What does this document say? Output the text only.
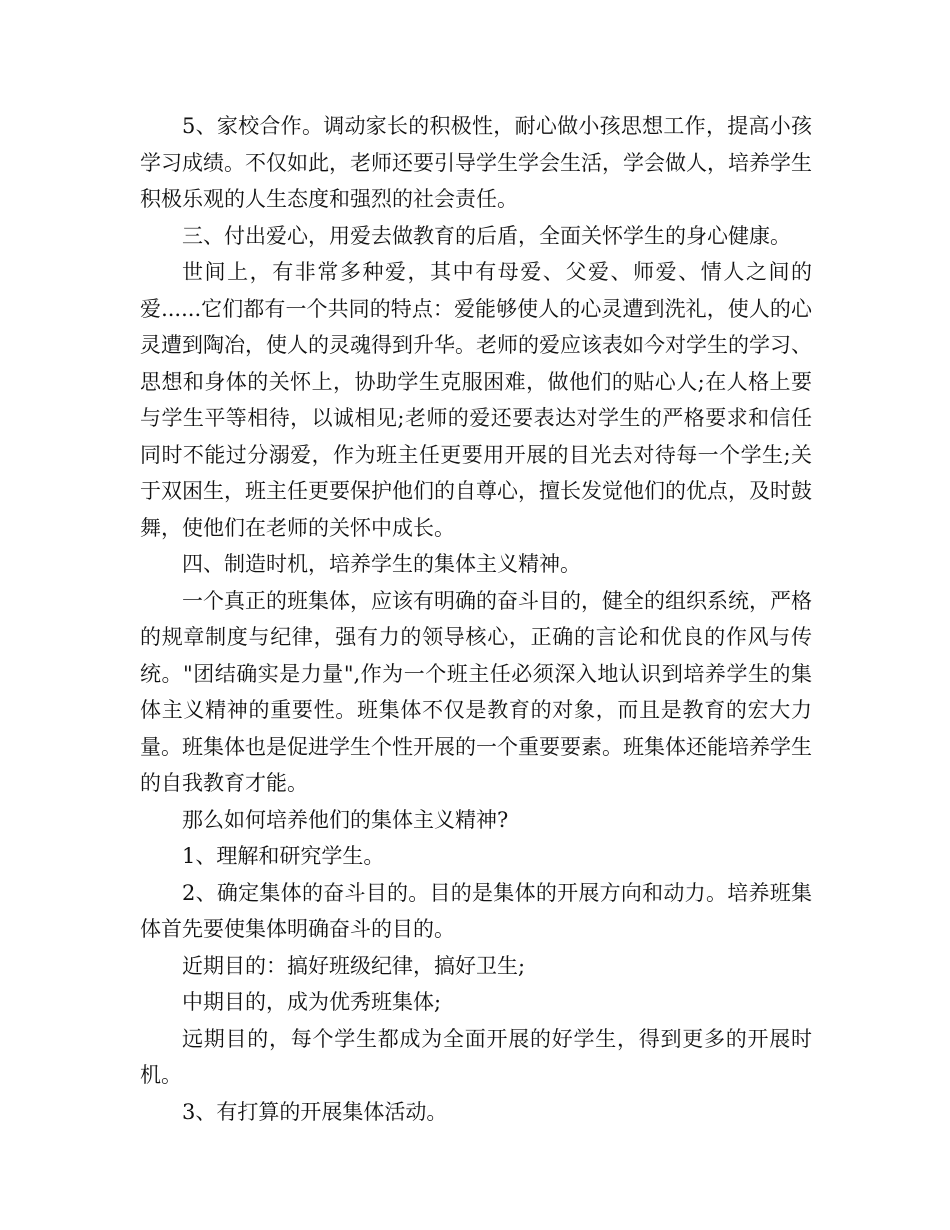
5、家校合作。调动家长的积极性，耐心做小孩思想工作，提高小孩学习成绩。不仅如此，老师还要引导学生学会生活，学会做人，培养学生积极乐观的人生态度和强烈的社会责任。

三、付出爱心，用爱去做教育的后盾，全面关怀学生的身心健康。

世间上，有非常多种爱，其中有母爱、父爱、师爱、情人之间的爱......它们都有一个共同的特点：爱能够使人的心灵遭到洗礼，使人的心灵遭到陶冶，使人的灵魂得到升华。老师的爱应该表如今对学生的学习、思想和身体的关怀上，协助学生克服困难，做他们的贴心人;在人格上要与学生平等相待，以诚相见;老师的爱还要表达对学生的严格要求和信任同时不能过分溺爱，作为班主任更要用开展的目光去对待每一个学生;关于双困生，班主任更要保护他们的自尊心，擅长发觉他们的优点，及时鼓舞，使他们在老师的关怀中成长。

四、制造时机，培养学生的集体主义精神。

一个真正的班集体，应该有明确的奋斗目的，健全的组织系统，严格的规章制度与纪律，强有力的领导核心，正确的言论和优良的作风与传统。"团结确实是力量",作为一个班主任必须深入地认识到培养学生的集体主义精神的重要性。班集体不仅是教育的对象，而且是教育的宏大力量。班集体也是促进学生个性开展的一个重要要素。班集体还能培养学生的自我教育才能。

那么如何培养他们的集体主义精神?

1、理解和研究学生。

2、确定集体的奋斗目的。目的是集体的开展方向和动力。培养班集体首先要使集体明确奋斗的目的。

近期目的：搞好班级纪律，搞好卫生;

中期目的，成为优秀班集体;

远期目的，每个学生都成为全面开展的好学生，得到更多的开展时机。

3、有打算的开展集体活动。
